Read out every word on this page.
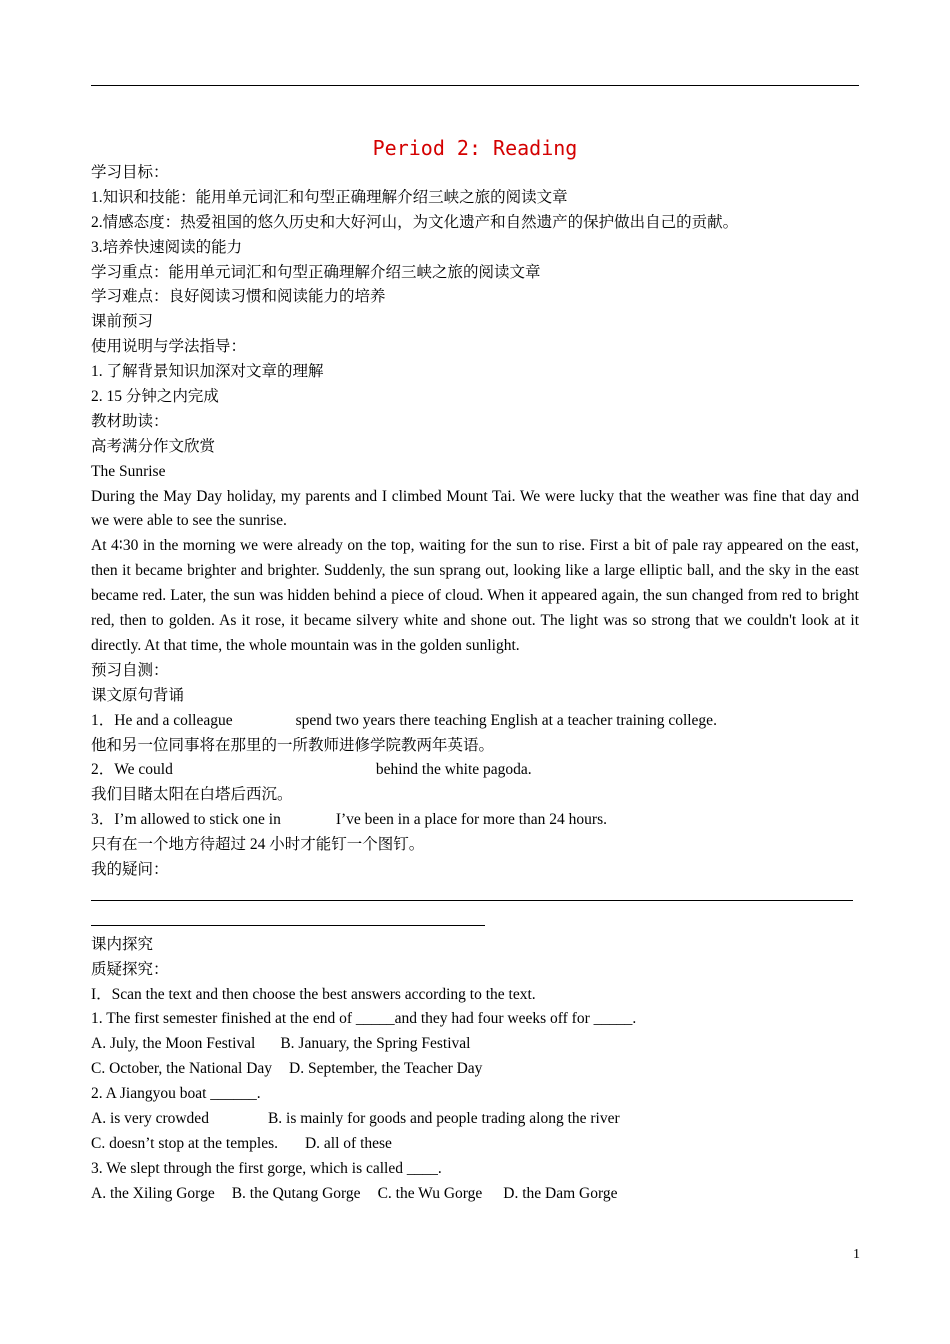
Period 2: Reading
学习目标：
1.知识和技能：能用单元词汇和句型正确理解介绍三峡之旅的阅读文章
2.情感态度：热爱祖国的悠久历史和大好河山，为文化遗产和自然遗产的保护做出自己的贡献。
3.培养快速阅读的能力
学习重点：能用单元词汇和句型正确理解介绍三峡之旅的阅读文章
学习难点：良好阅读习惯和阅读能力的培养
课前预习
使用说明与学法指导：
1. 了解背景知识加深对文章的理解
2. 15 分钟之内完成
教材助读：
高考满分作文欣赏
The Sunrise
During the May Day holiday, my parents and I climbed Mount Tai. We were lucky that the weather was fine that day and we were able to see the sunrise.
At 4∶30 in the morning we were already on the top, waiting for the sun to rise. First a bit of pale ray appeared on the east, then it became brighter and brighter. Suddenly, the sun sprang out, looking like a large elliptic ball, and the sky in the east became red. Later, the sun was hidden behind a piece of cloud. When it appeared again, the sun changed from red to bright red, then to golden. As it rose, it became silvery white and shone out. The light was so strong that we couldn't look at it directly. At that time, the whole mountain was in the golden sunlight.
预习自测：
课文原句背诵
1．He and a colleague	spend two years there teaching English at a teacher training college.
他和另一位同事将在那里的一所教师进修学院教两年英语。
2．We could	behind the white pagoda.
我们目睹太阳在白塔后西沉。
3．I’m allowed to stick one in	I’ve been in a place for more than 24 hours.
只有在一个地方待超过 24 小时才能钉一个图钉。
我的疑问：
课内探究
质疑探究：
I．Scan the text and then choose the best answers according to the text.
1. The first semester finished at the end of _____and they had four weeks off for _____.
A. July, the Moon Festival B. January, the Spring Festival
C. October, the National Day D. September, the Teacher Day
2. A Jiangyou boat ______.
A. is very crowded	B. is mainly for goods and people trading along the river
C. doesn’t stop at the temples. D. all of these
3. We slept through the first gorge, which is called ____.
A. the Xiling Gorge B. the Qutang Gorge C. the Wu Gorge D. the Dam Gorge
1
